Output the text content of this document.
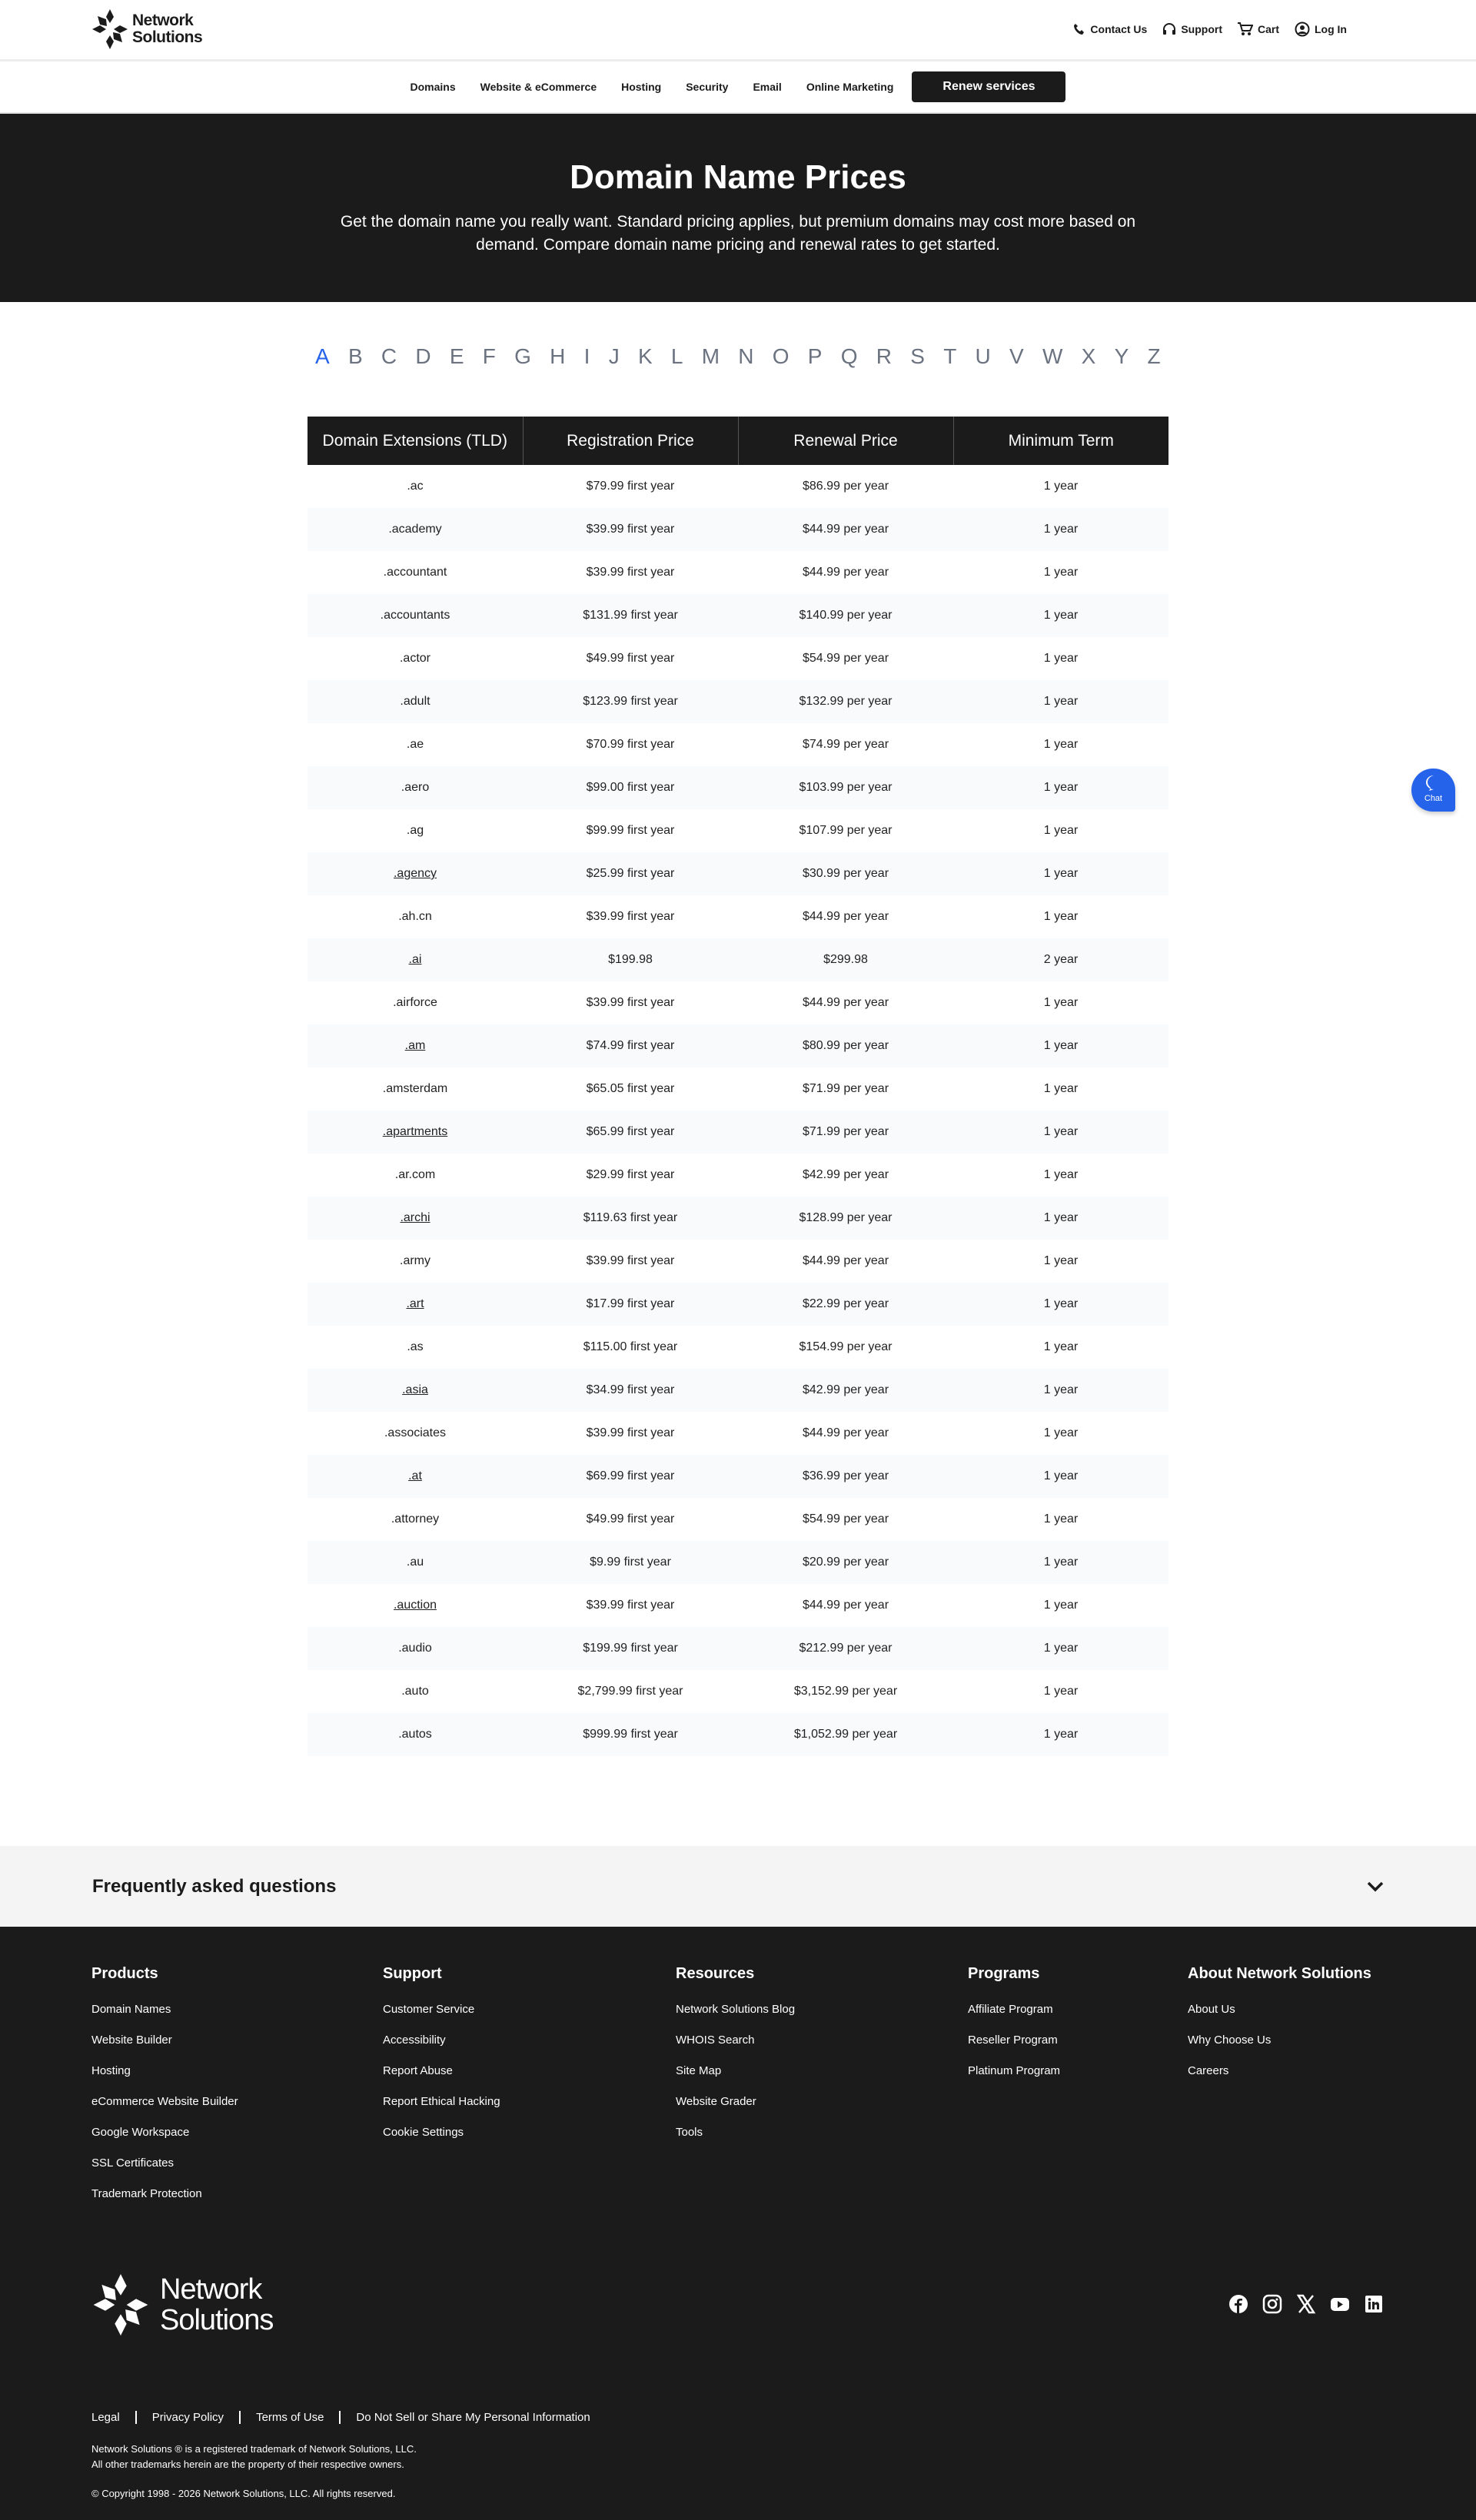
Network
Solutions	Contact Us	Support	Cart	Log In
Domains Website & eCommerce Hosting Security Email Online Marketing	Renew services
Domain Name Prices

Get the domain name you really want. Standard pricing applies, but premium domains may cost more based on demand. Compare domain name pricing and renewal rates to get started.

A B C D E F G H I J K L M N O P Q R S T U V W X Y Z
Domain Extensions (TLD)	Registration Price	Renewal Price	Minimum Term
.ac	$79.99 first year	$86.99 per year	1 year
.academy	$39.99 first year	$44.99 per year	1 year
.accountant	$39.99 first year	$44.99 per year	1 year
.accountants	$131.99 first year	$140.99 per year	1 year
.actor	$49.99 first year	$54.99 per year	1 year
.adult	$123.99 first year	$132.99 per year	1 year
.ae	$70.99 first year	$74.99 per year	1 year
.aero	$99.00 first year	$103.99 per year	1 year
.ag	$99.99 first year	$107.99 per year	1 year
.agency	$25.99 first year	$30.99 per year	1 year
.ah.cn	$39.99 first year	$44.99 per year	1 year
.ai	$199.98	$299.98	2 year
.airforce	$39.99 first year	$44.99 per year	1 year
.am	$74.99 first year	$80.99 per year	1 year
.amsterdam	$65.05 first year	$71.99 per year	1 year
.apartments	$65.99 first year	$71.99 per year	1 year
.ar.com	$29.99 first year	$42.99 per year	1 year
.archi	$119.63 first year	$128.99 per year	1 year
.army	$39.99 first year	$44.99 per year	1 year
.art	$17.99 first year	$22.99 per year	1 year
.as	$115.00 first year	$154.99 per year	1 year
.asia	$34.99 first year	$42.99 per year	1 year
.associates	$39.99 first year	$44.99 per year	1 year
.at	$69.99 first year	$36.99 per year	1 year
.attorney	$49.99 first year	$54.99 per year	1 year
.au	$9.99 first year	$20.99 per year	1 year
.auction	$39.99 first year	$44.99 per year	1 year
.audio	$199.99 first year	$212.99 per year	1 year
.auto	$2,799.99 first year	$3,152.99 per year	1 year
.autos	$999.99 first year	$1,052.99 per year	1 year
❞
Chat
Frequently asked questions
Products
Domain Names
Website Builder
Hosting
eCommerce Website Builder
Google Workspace
SSL Certificates
Trademark Protection
Support
Customer Service
Accessibility
Report Abuse
Report Ethical Hacking
Cookie Settings
Resources
Network Solutions Blog
WHOIS Search
Site Map
Website Grader
Tools
Programs
Affiliate Program
Reseller Program
Platinum Program
About Network Solutions
About Us
Why Choose Us
Careers
Network
Solutions
Legal	Privacy Policy	Terms of Use	Do Not Sell or Share My Personal Information
Network Solutions ® is a registered trademark of Network Solutions, LLC.
All other trademarks herein are the property of their respective owners.
© Copyright 1998 - 2026 Network Solutions, LLC. All rights reserved.
